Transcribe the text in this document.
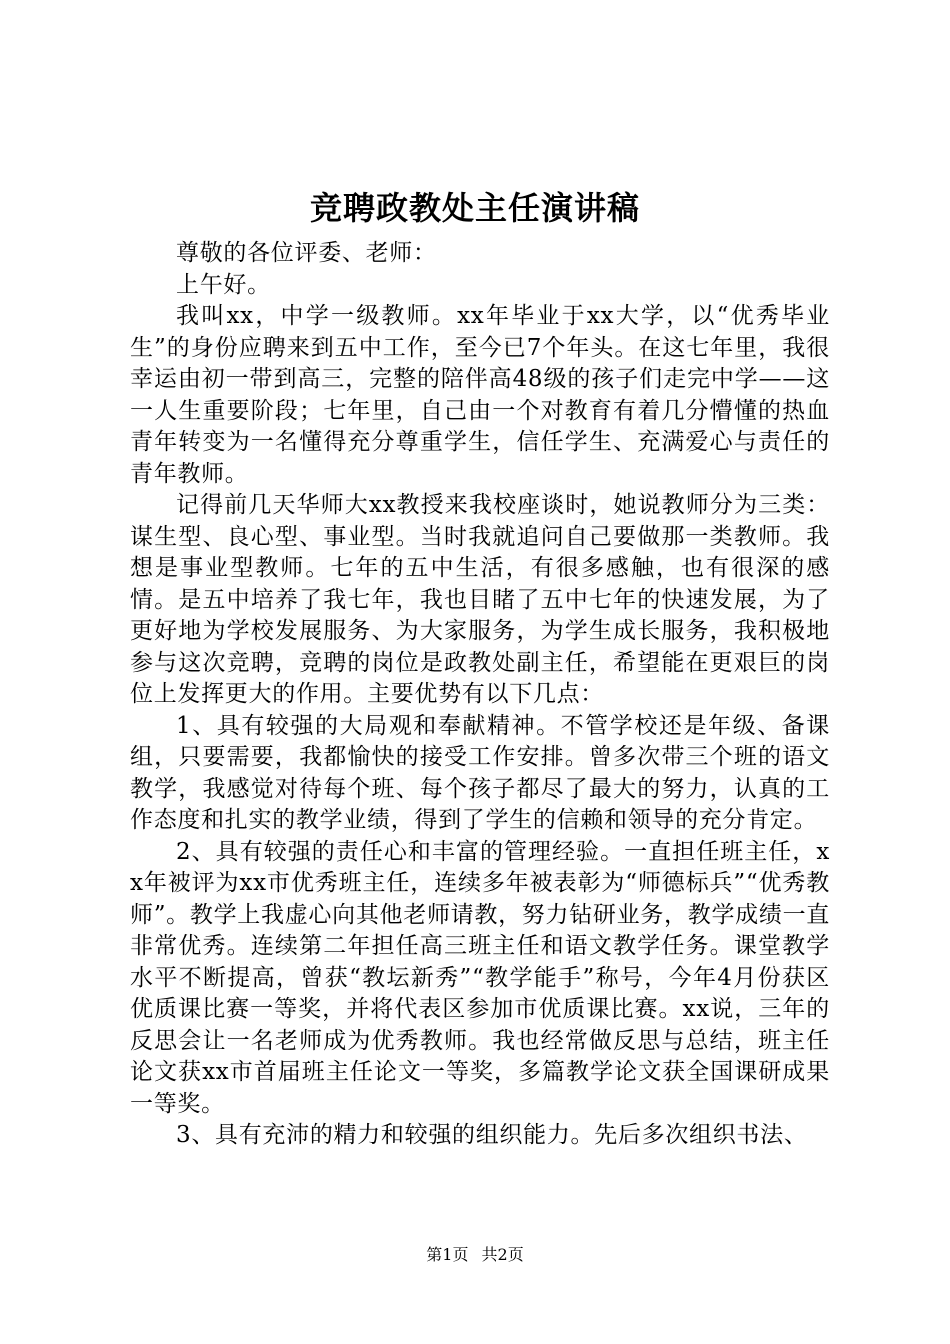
竞聘政教处主任演讲稿

尊敬的各位评委、老师：

上午好。

我叫xx，中学一级教师。xx年毕业于xx大学，以“优秀毕业生”的身份应聘来到五中工作，至今已7个年头。在这七年里，我很幸运由初一带到高三，完整的陪伴高48级的孩子们走完中学——这一人生重要阶段；七年里，自己由一个对教育有着几分懵懂的热血青年转变为一名懂得充分尊重学生，信任学生、充满爱心与责任的青年教师。

记得前几天华师大xx教授来我校座谈时，她说教师分为三类：谋生型、良心型、事业型。当时我就追问自己要做那一类教师。我想是事业型教师。七年的五中生活，有很多感触，也有很深的感情。是五中培养了我七年，我也目睹了五中七年的快速发展，为了更好地为学校发展服务、为大家服务，为学生成长服务，我积极地参与这次竞聘，竞聘的岗位是政教处副主任，希望能在更艰巨的岗位上发挥更大的作用。主要优势有以下几点：

1、具有较强的大局观和奉献精神。不管学校还是年级、备课组，只要需要，我都愉快的接受工作安排。曾多次带三个班的语文教学，我感觉对待每个班、每个孩子都尽了最大的努力，认真的工作态度和扎实的教学业绩，得到了学生的信赖和领导的充分肯定。

2、具有较强的责任心和丰富的管理经验。一直担任班主任，xx年被评为xx市优秀班主任，连续多年被表彰为“师德标兵”“优秀教师”。教学上我虚心向其他老师请教，努力钻研业务，教学成绩一直非常优秀。连续第二年担任高三班主任和语文教学任务。课堂教学水平不断提高，曾获“教坛新秀”“教学能手”称号，今年4月份获区优质课比赛一等奖，并将代表区参加市优质课比赛。xx说，三年的反思会让一名老师成为优秀教师。我也经常做反思与总结，班主任论文获xx市首届班主任论文一等奖，多篇教学论文获全国课研成果一等奖。

3、具有充沛的精力和较强的组织能力。先后多次组织书法、

第1页 共2页
